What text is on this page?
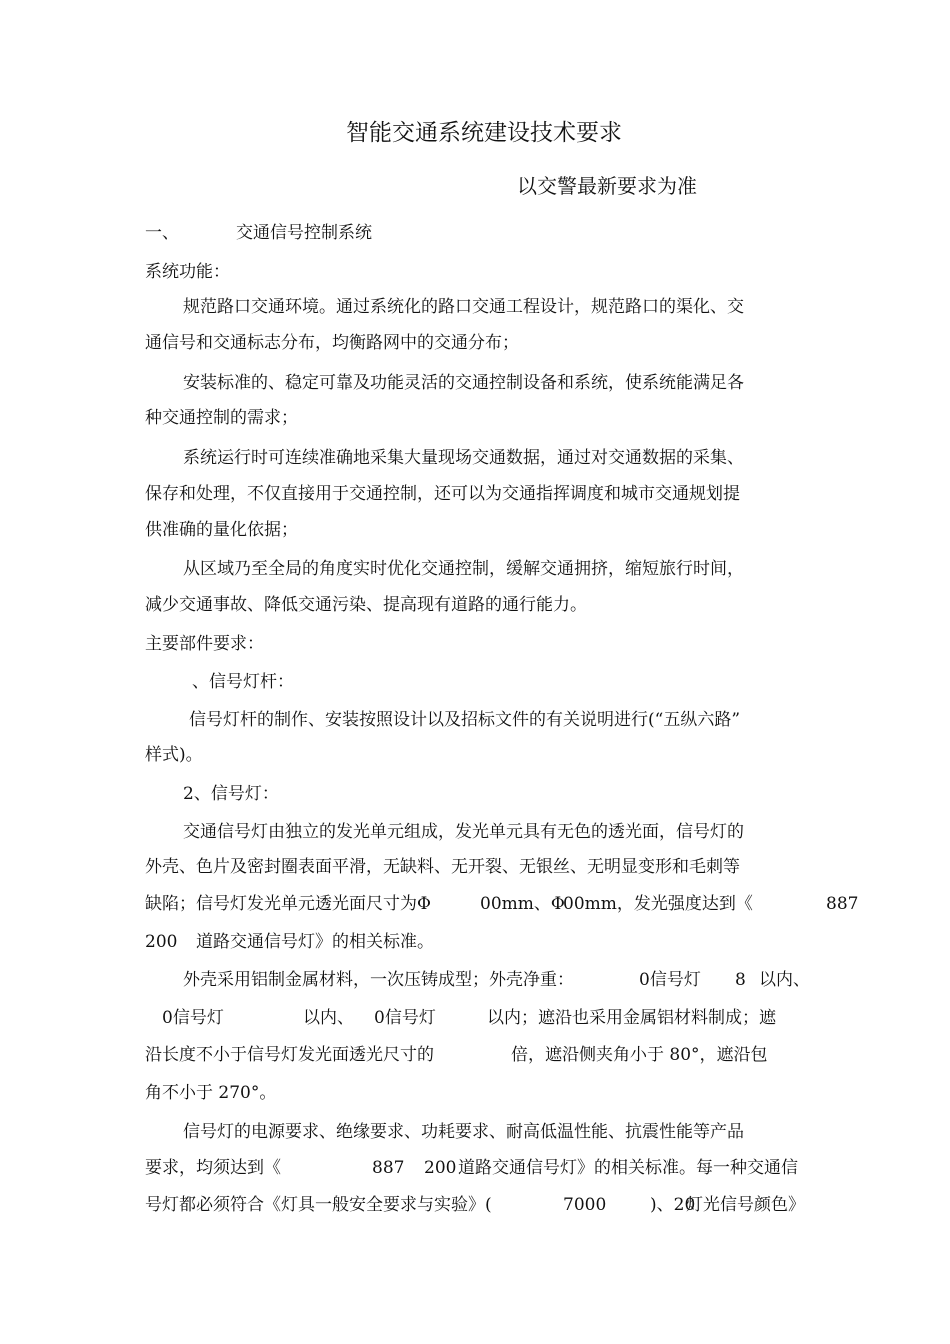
智能交通系统建设技术要求
以交警最新要求为准
一、	交通信号控制系统
系统功能：
规范路口交通环境。通过系统化的路口交通工程设计，规范路口的渠化、交
通信号和交通标志分布，均衡路网中的交通分布；
安装标准的、稳定可靠及功能灵活的交通控制设备和系统，使系统能满足各
种交通控制的需求；
系统运行时可连续准确地采集大量现场交通数据，通过对交通数据的采集、
保存和处理，不仅直接用于交通控制，还可以为交通指挥调度和城市交通规划提
供准确的量化依据；
从区域乃至全局的角度实时优化交通控制，缓解交通拥挤，缩短旅行时间，
减少交通事故、降低交通污染、提高现有道路的通行能力。
主要部件要求：
、信号灯杆：
信号灯杆的制作、安装按照设计以及招标文件的有关说明进行(“五纵六路”
样式)。
2、信号灯：
交通信号灯由独立的发光单元组成，发光单元具有无色的透光面，信号灯的
外壳、色片及密封圈表面平滑，无缺料、无开裂、无银丝、无明显变形和毛刺等
缺陷；信号灯发光单元透光面尺寸为Φ	00mm、Φ
00mm，发光强度达到《	887
200 道路交通信号灯》的相关标准。
外壳采用铝制金属材料，一次压铸成型；外壳净重：	0信号灯 8 以内、
0信号灯	以内、 0信号灯	以内；遮沿也采用金属铝材料制成；遮
沿长度不小于信号灯发光面透光尺寸的	倍，遮沿侧夹角小于 80°，遮沿包
角不小于 270°。
信号灯的电源要求、绝缘要求、功耗要求、耐高低温性能、抗震性能等产品
要求，均须达到《	887 200 道路交通信号灯》的相关标准。每一种交通信
号灯都必须符合《灯具一般安全要求与实验》(	7000	)、20
灯光信号颜色》
